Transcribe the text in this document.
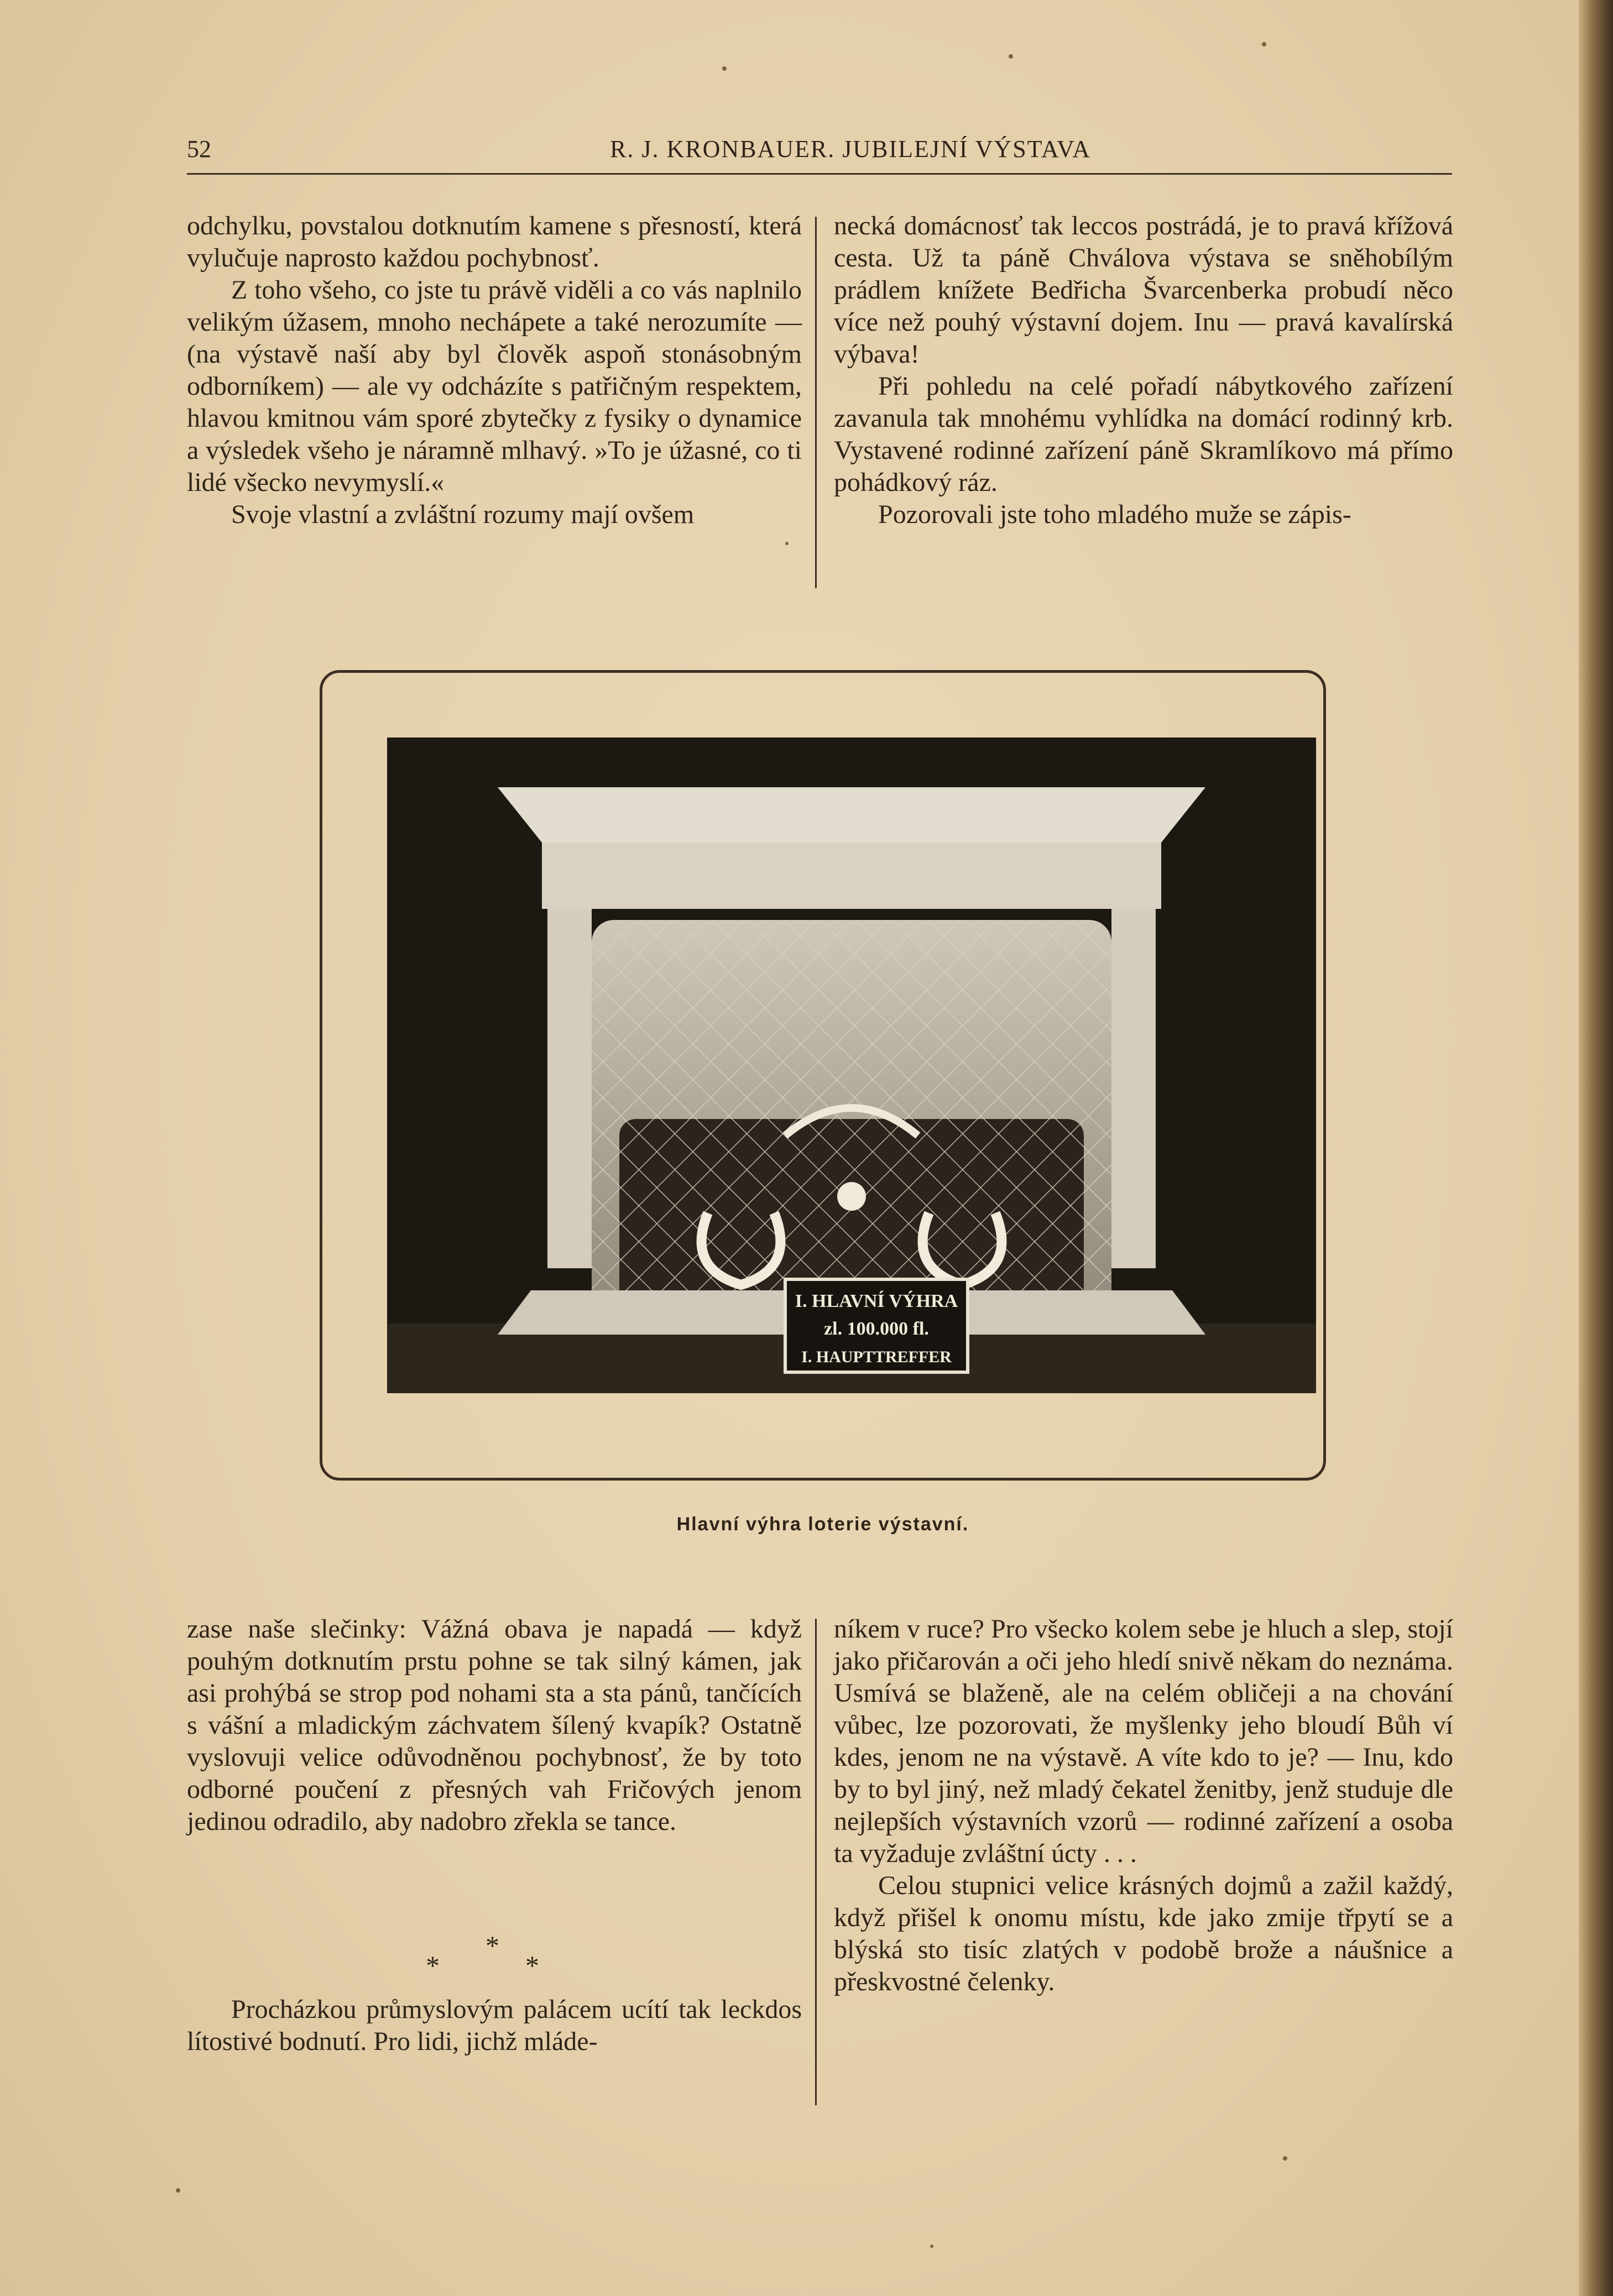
52	R. J. KRONBAUER. JUBILEJNÍ VÝSTAVA

odchylku, povstalou dotknutím kamene s přesností, která vylučuje naprosto každou pochybnosť.

Z toho všeho, co jste tu právě viděli a co vás naplnilo velikým úžasem, mnoho nechápete a také nerozumíte — (na výstavě naší aby byl člověk aspoň stonásobným odborníkem) — ale vy odcházíte s patřičným respektem, hlavou kmitnou vám sporé zbytečky z fysiky o dynamice a výsledek všeho je náramně mlhavý. »To je úžasné, co ti lidé všecko nevymyslí.«

Svoje vlastní a zvláštní rozumy mají ovšem

necká domácnosť tak leccos postrádá, je to pravá křížová cesta. Už ta páně Chválova výstava se sněhobílým prádlem knížete Bedřicha Švarcenberka probudí něco více než pouhý výstavní dojem. Inu — pravá kavalírská výbava!

Při pohledu na celé pořadí nábytkového zařízení zavanula tak mnohému vyhlídka na domácí rodinný krb. Vystavené rodinné zařízení páně Skramlíkovo má přímo pohádkový ráz.

Pozorovali jste toho mladého muže se zápis-

I. HLAVNÍ VÝHRA
zl. 100.000 fl.
I. HAUPTTREFFER
Hlavní výhra loterie výstavní.

zase naše slečinky: Vážná obava je napadá — když pouhým dotknutím prstu pohne se tak silný kámen, jak asi prohýbá se strop pod nohami sta a sta pánů, tančících s vášní a mladickým záchvatem šílený kvapík? Ostatně vyslovuji velice odůvodněnou pochybnosť, že by toto odborné poučení z přesných vah Fričových jenom jedinou odradilo, aby nadobro zřekla se tance.

Procházkou průmyslovým palácem ucítí tak leckdos lítostivé bodnutí. Pro lidi, jichž mláde-

*
*	*

níkem v ruce? Pro všecko kolem sebe je hluch a slep, stojí jako přičarován a oči jeho hledí snivě někam do neznáma. Usmívá se blaženě, ale na celém obličeji a na chování vůbec, lze pozorovati, že myšlenky jeho bloudí Bůh ví kdes, jenom ne na výstavě. A víte kdo to je? — Inu, kdo by to byl jiný, než mladý čekatel ženitby, jenž studuje dle nejlepších výstavních vzorů — rodinné zařízení a osoba ta vyžaduje zvláštní úcty . . .

Celou stupnici velice krásných dojmů a zažil každý, když přišel k onomu místu, kde jako zmije třpytí se a blýská sto tisíc zlatých v podobě brože a náušnice a přeskvostné čelenky.
